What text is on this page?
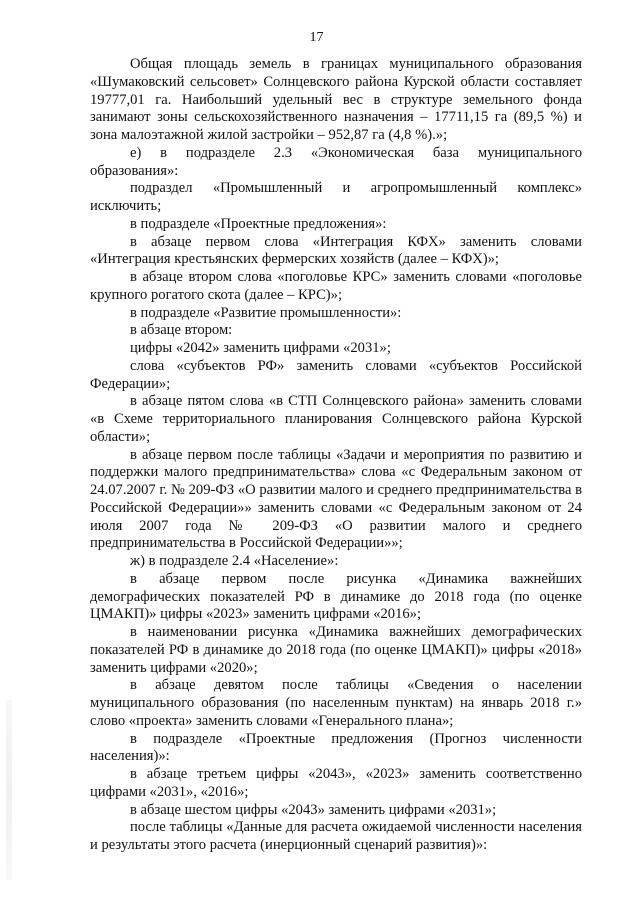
17

Общая площадь земель в границах муниципального образования «Шумаковский сельсовет» Солнцевского района Курской области составляет 19777,01 га. Наибольший удельный вес в структуре земельного фонда занимают зоны сельскохозяйственного назначения – 17711,15 га (89,5 %) и зона малоэтажной жилой застройки – 952,87 га (4,8 %).»;

е) в подразделе 2.3 «Экономическая база муниципального образования»:

подраздел «Промышленный и агропромышленный комплекс» исключить;

в подразделе «Проектные предложения»:

в абзаце первом слова «Интеграция КФХ» заменить словами «Интеграция крестьянских фермерских хозяйств (далее – КФХ)»;

в абзаце втором слова «поголовье КРС» заменить словами «поголовье крупного рогатого скота (далее – КРС)»;

в подразделе «Развитие промышленности»:

в абзаце втором:

цифры «2042» заменить цифрами «2031»;

слова «субъектов РФ» заменить словами «субъектов Российской Федерации»;

в абзаце пятом слова «в СТП Солнцевского района» заменить словами «в Схеме территориального планирования Солнцевского района Курской области»;

в абзаце первом после таблицы «Задачи и мероприятия по развитию и поддержки малого предпринимательства» слова «с Федеральным законом от 24.07.2007 г. № 209-ФЗ «О развитии малого и среднего предпринимательства в Российской Федерации»» заменить словами «с Федеральным законом от 24 июля 2007 года № 209-ФЗ «О развитии малого и среднего предпринимательства в Российской Федерации»»;

ж) в подразделе 2.4 «Население»:

в абзаце первом после рисунка «Динамика важнейших демографических показателей РФ в динамике до 2018 года (по оценке ЦМАКП)» цифры «2023» заменить цифрами «2016»;

в наименовании рисунка «Динамика важнейших демографических показателей РФ в динамике до 2018 года (по оценке ЦМАКП)» цифры «2018» заменить цифрами «2020»;

в абзаце девятом после таблицы «Сведения о населении муниципального образования (по населенным пунктам) на январь 2018 г.» слово «проекта» заменить словами «Генерального плана»;

в подразделе «Проектные предложения (Прогноз численности населения)»:

в абзаце третьем цифры «2043», «2023» заменить соответственно цифрами «2031», «2016»;

в абзаце шестом цифры «2043» заменить цифрами «2031»;

после таблицы «Данные для расчета ожидаемой численности населения и результаты этого расчета (инерционный сценарий развития)»:
